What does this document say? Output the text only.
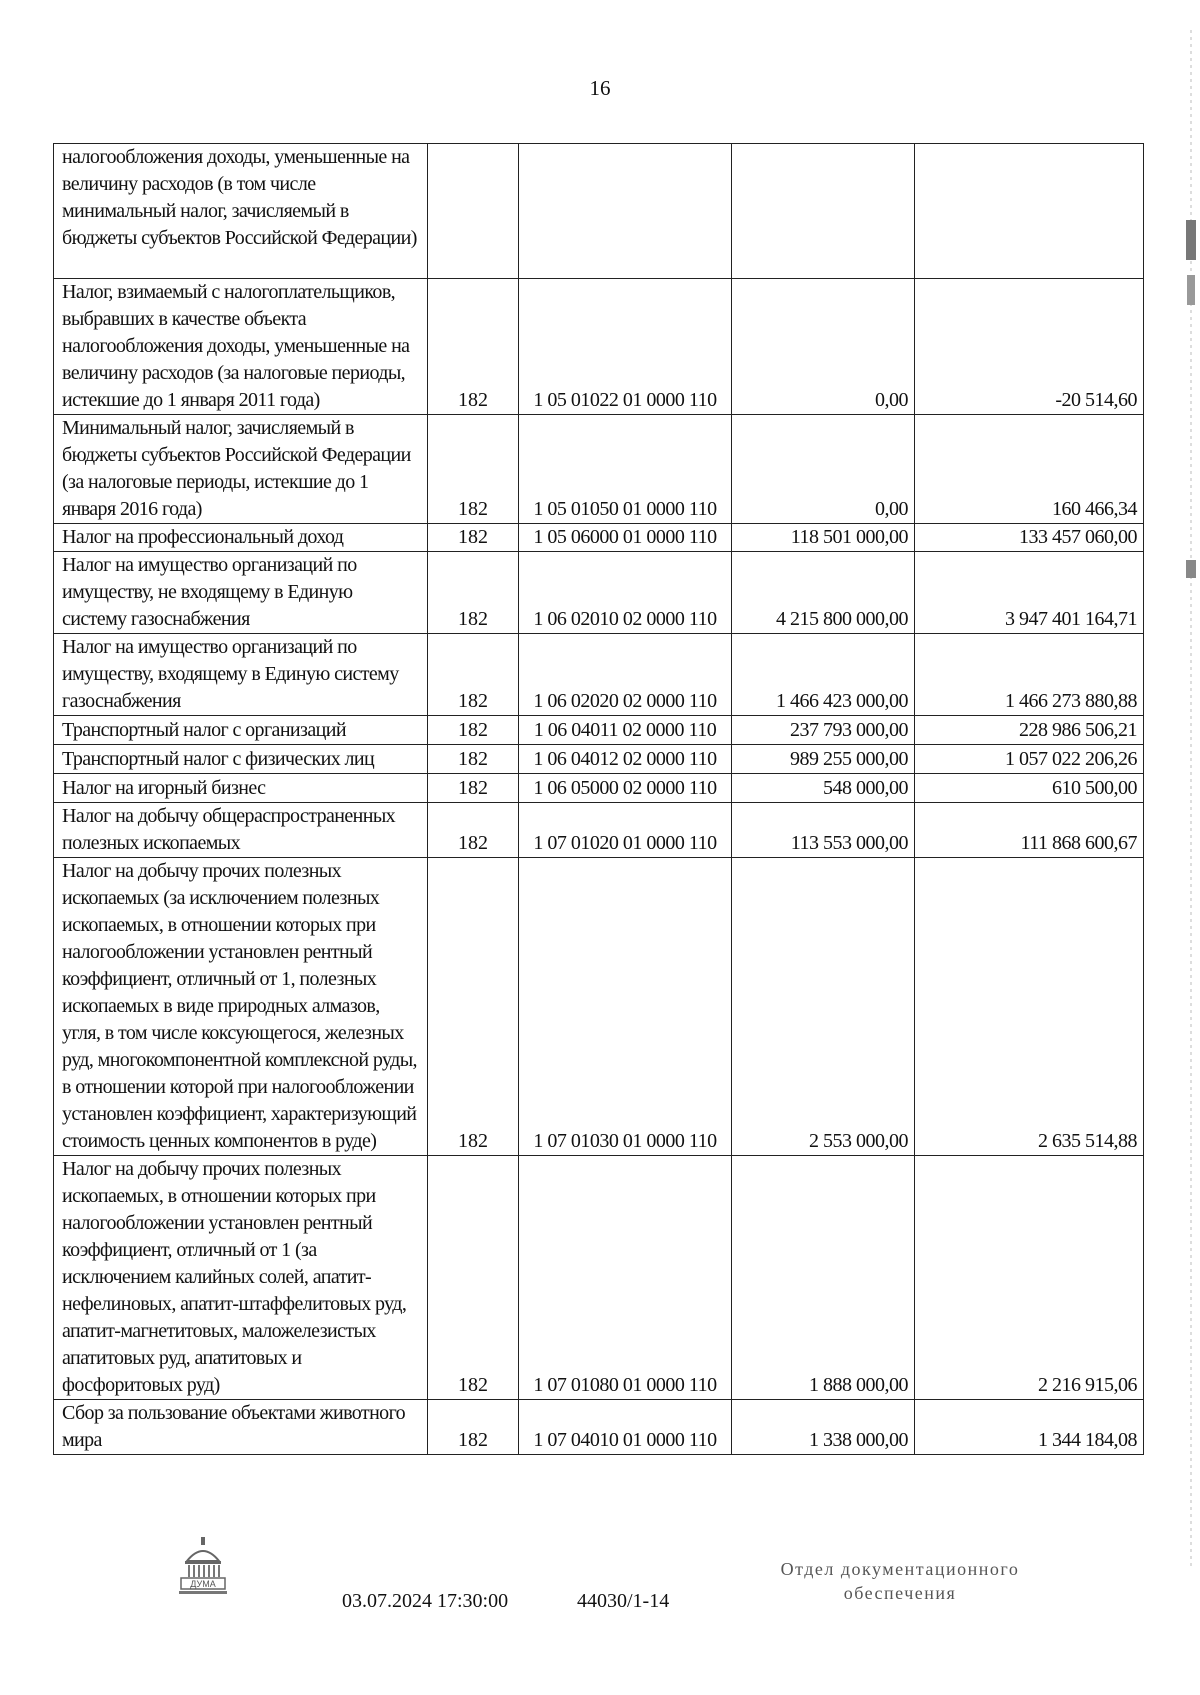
16
налогообложения доходы, уменьшенные на величину расходов (в том числе минимальный налог, зачисляемый в бюджеты субъектов Российской Федерации)				
Налог, взимаемый с налогоплательщиков, выбравших в качестве объекта налогообложения доходы, уменьшенные на величину расходов (за налоговые периоды, истекшие до 1 января 2011 года)	182	1 05 01022 01 0000 110	0,00	-20 514,60
Минимальный налог, зачисляемый в бюджеты субъектов Российской Федерации (за налоговые периоды, истекшие до 1 января 2016 года)	182	1 05 01050 01 0000 110	0,00	160 466,34
Налог на профессиональный доход	182	1 05 06000 01 0000 110	118 501 000,00	133 457 060,00
Налог на имущество организаций по имуществу, не входящему в Единую систему газоснабжения	182	1 06 02010 02 0000 110	4 215 800 000,00	3 947 401 164,71
Налог на имущество организаций по имуществу, входящему в Единую систему газоснабжения	182	1 06 02020 02 0000 110	1 466 423 000,00	1 466 273 880,88
Транспортный налог с организаций	182	1 06 04011 02 0000 110	237 793 000,00	228 986 506,21
Транспортный налог с физических лиц	182	1 06 04012 02 0000 110	989 255 000,00	1 057 022 206,26
Налог на игорный бизнес	182	1 06 05000 02 0000 110	548 000,00	610 500,00
Налог на добычу общераспространенных полезных ископаемых	182	1 07 01020 01 0000 110	113 553 000,00	111 868 600,67
Налог на добычу прочих полезных ископаемых (за исключением полезных ископаемых, в отношении которых при налогообложении установлен рентный коэффициент, отличный от 1, полезных ископаемых в виде природных алмазов, угля, в том числе коксующегося, железных руд, многокомпонентной комплексной руды, в отношении которой при налогообложении установлен коэффициент, характеризующий стоимость ценных компонентов в руде)	182	1 07 01030 01 0000 110	2 553 000,00	2 635 514,88
Налог на добычу прочих полезных ископаемых, в отношении которых при налогообложении установлен рентный коэффициент, отличный от 1 (за исключением калийных солей, апатит-нефелиновых, апатит-штаффелитовых руд, апатит-магнетитовых, маложелезистых апатитовых руд, апатитовых и фосфоритовых руд)	182	1 07 01080 01 0000 110	1 888 000,00	2 216 915,06
Сбор за пользование объектами животного мира	182	1 07 04010 01 0000 110	1 338 000,00	1 344 184,08
ДУМА
03.07.2024 17:30:00	44030/1-14
Отдел документационного обеспечения
